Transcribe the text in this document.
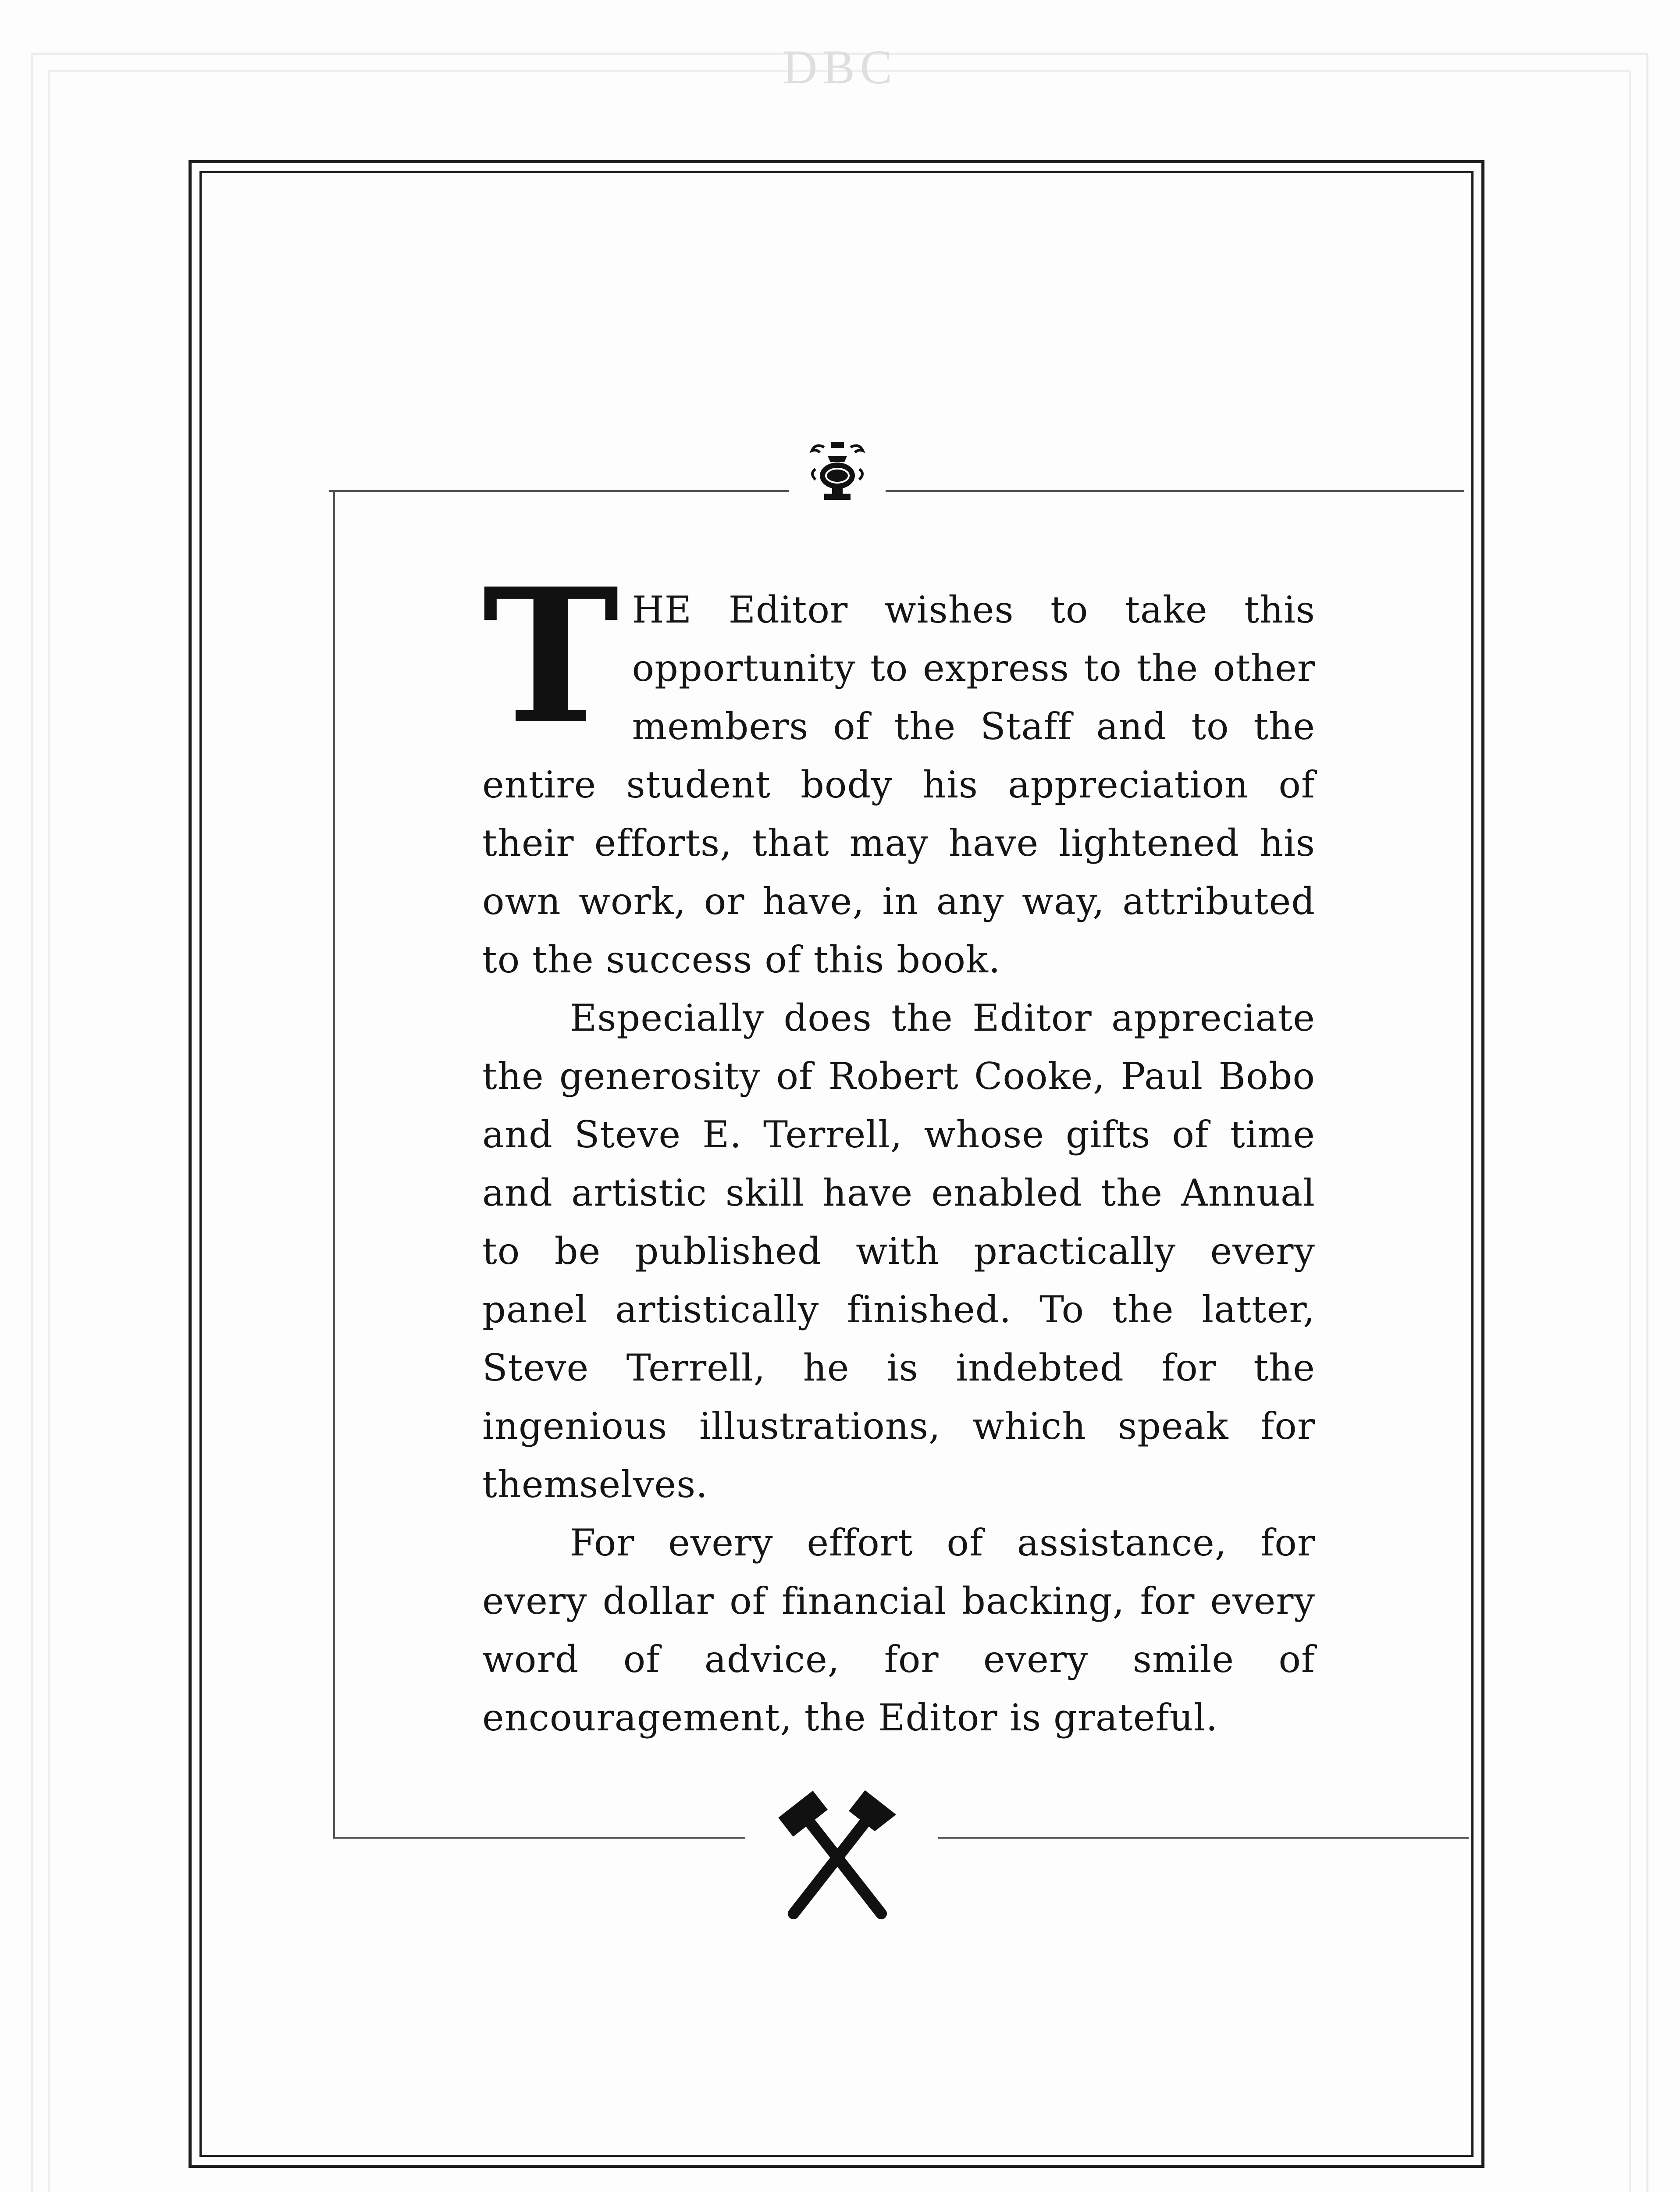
DBC

THE Editor wishes to take this opportunity to express to the other members of the Staff and to the entire student body his appreciation of their efforts, that may have lightened his own work, or have, in any way, attributed to the success of this book.

Especially does the Editor appreciate the generosity of Robert Cooke, Paul Bobo and Steve E. Terrell, whose gifts of time and artistic skill have enabled the Annual to be published with practically every panel artistically finished. To the latter, Steve Terrell, he is indebted for the ingenious illustrations, which speak for themselves.

For every effort of assistance, for every dollar of financial backing, for every word of advice, for every smile of encouragement, the Editor is grateful.
